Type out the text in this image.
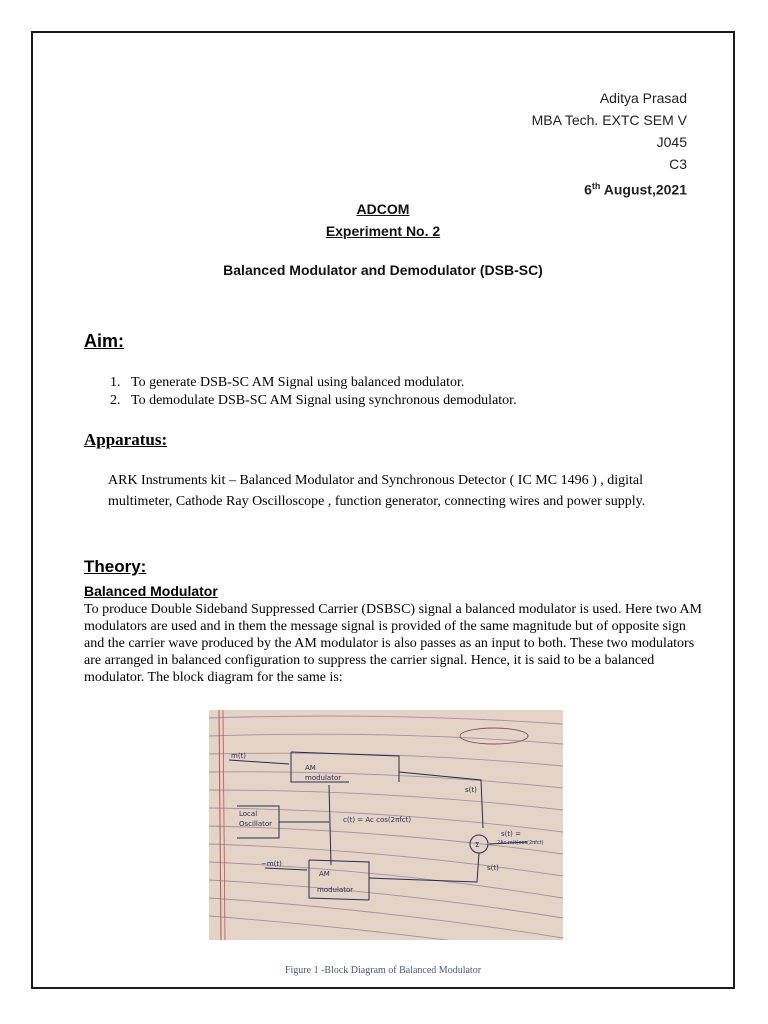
Aditya Prasad
MBA Tech. EXTC SEM V
J045
C3
6th August,2021
ADCOM
Experiment No. 2
Balanced Modulator and Demodulator (DSB-SC)
Aim:
1. To generate DSB-SC AM Signal using balanced modulator.
2. To demodulate DSB-SC AM Signal using synchronous demodulator.
Apparatus:

ARK Instruments kit – Balanced Modulator and Synchronous Detector ( IC MC 1496 ) , digital multimeter, Cathode Ray Oscilloscope , function generator, connecting wires and power supply.

Theory:
Balanced Modulator

To produce Double Sideband Suppressed Carrier (DSBSC) signal a balanced modulator is used. Here two AM modulators are used and in them the message signal is provided of the same magnitude but of opposite sign and the carrier wave produced by the AM modulator is also passes as an input to both. These two modulators are arranged in balanced configuration to suppress the carrier signal. Hence, it is said to be a balanced modulator. The block diagram for the same is:

m(t)
AM
modulator
Local
Oscillator	c(t) = Ac cos(2πfct)
s(t)
Σ
s(t) =
2Ac·m(t)cos(2πfct)
−m(t)
AM
modulator
s(t)
Figure 1 -Block Diagram of Balanced Modulator
